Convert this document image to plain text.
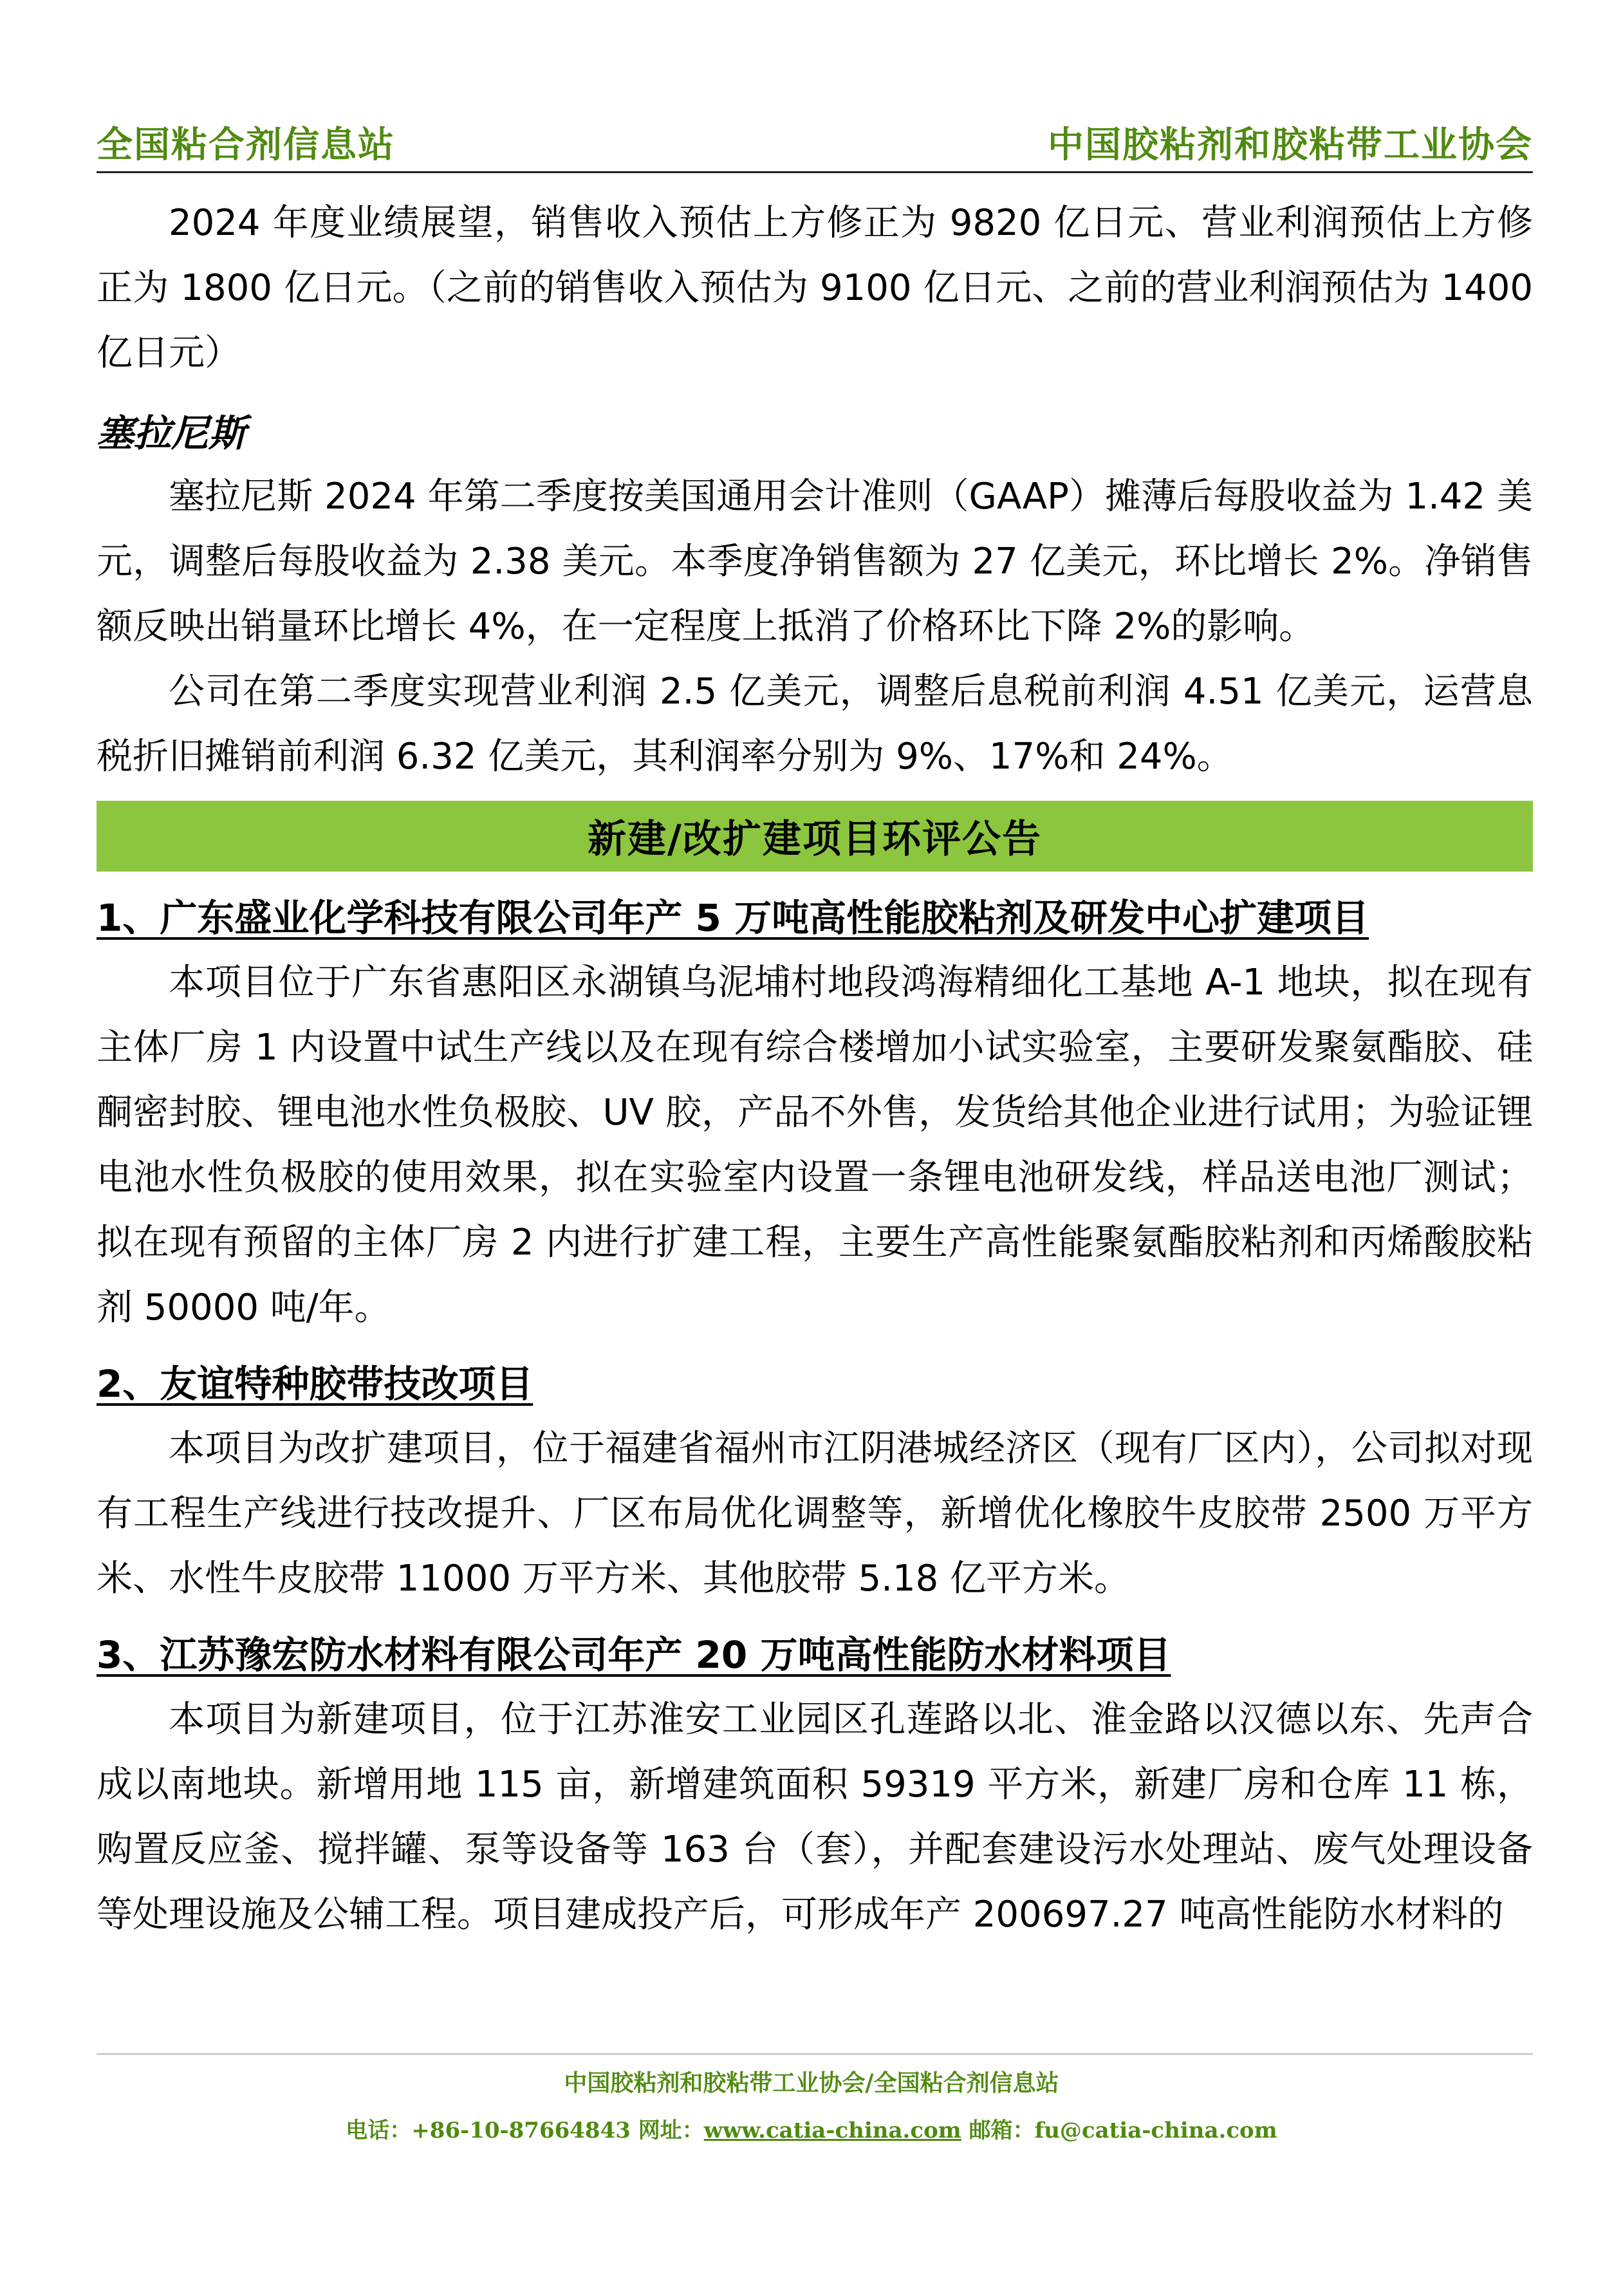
全国粘合剂信息站	中国胶粘剂和胶粘带工业协会

2024 年度业绩展望，销售收入预估上方修正为 9820 亿日元、营业利润预估上方修正为 1800 亿日元。（之前的销售收入预估为 9100 亿日元、之前的营业利润预估为 1400 亿日元）

塞拉尼斯

塞拉尼斯 2024 年第二季度按美国通用会计准则（GAAP）摊薄后每股收益为 1.42 美元，调整后每股收益为 2.38 美元。本季度净销售额为 27 亿美元，环比增长 2%。净销售额反映出销量环比增长 4%，在一定程度上抵消了价格环比下降 2%的影响。

公司在第二季度实现营业利润 2.5 亿美元，调整后息税前利润 4.51 亿美元，运营息税折旧摊销前利润 6.32 亿美元，其利润率分别为 9%、17%和 24%。

新建/改扩建项目环评公告
1、广东盛业化学科技有限公司年产 5 万吨高性能胶粘剂及研发中心扩建项目

本项目位于广东省惠阳区永湖镇乌泥埔村地段鸿海精细化工基地 A-1 地块，拟在现有主体厂房 1 内设置中试生产线以及在现有综合楼增加小试实验室，主要研发聚氨酯胶、硅酮密封胶、锂电池水性负极胶、UV 胶，产品不外售，发货给其他企业进行试用；为验证锂电池水性负极胶的使用效果，拟在实验室内设置一条锂电池研发线，样品送电池厂测试；拟在现有预留的主体厂房 2 内进行扩建工程，主要生产高性能聚氨酯胶粘剂和丙烯酸胶粘剂 50000 吨/年。

2、友谊特种胶带技改项目

本项目为改扩建项目，位于福建省福州市江阴港城经济区（现有厂区内），公司拟对现有工程生产线进行技改提升、厂区布局优化调整等，新增优化橡胶牛皮胶带 2500 万平方米、水性牛皮胶带 11000 万平方米、其他胶带 5.18 亿平方米。

3、江苏豫宏防水材料有限公司年产 20 万吨高性能防水材料项目

本项目为新建项目，位于江苏淮安工业园区孔莲路以北、淮金路以汉德以东、先声合成以南地块。新增用地 115 亩，新增建筑面积 59319 平方米，新建厂房和仓库 11 栋，购置反应釜、搅拌罐、泵等设备等 163 台（套），并配套建设污水处理站、废气处理设备等处理设施及公辅工程。项目建成投产后，可形成年产 200697.27 吨高性能防水材料的

中国胶粘剂和胶粘带工业协会/全国粘合剂信息站
电话：+86-10-87664843 网址：www.catia-china.com 邮箱：fu@catia-china.com
